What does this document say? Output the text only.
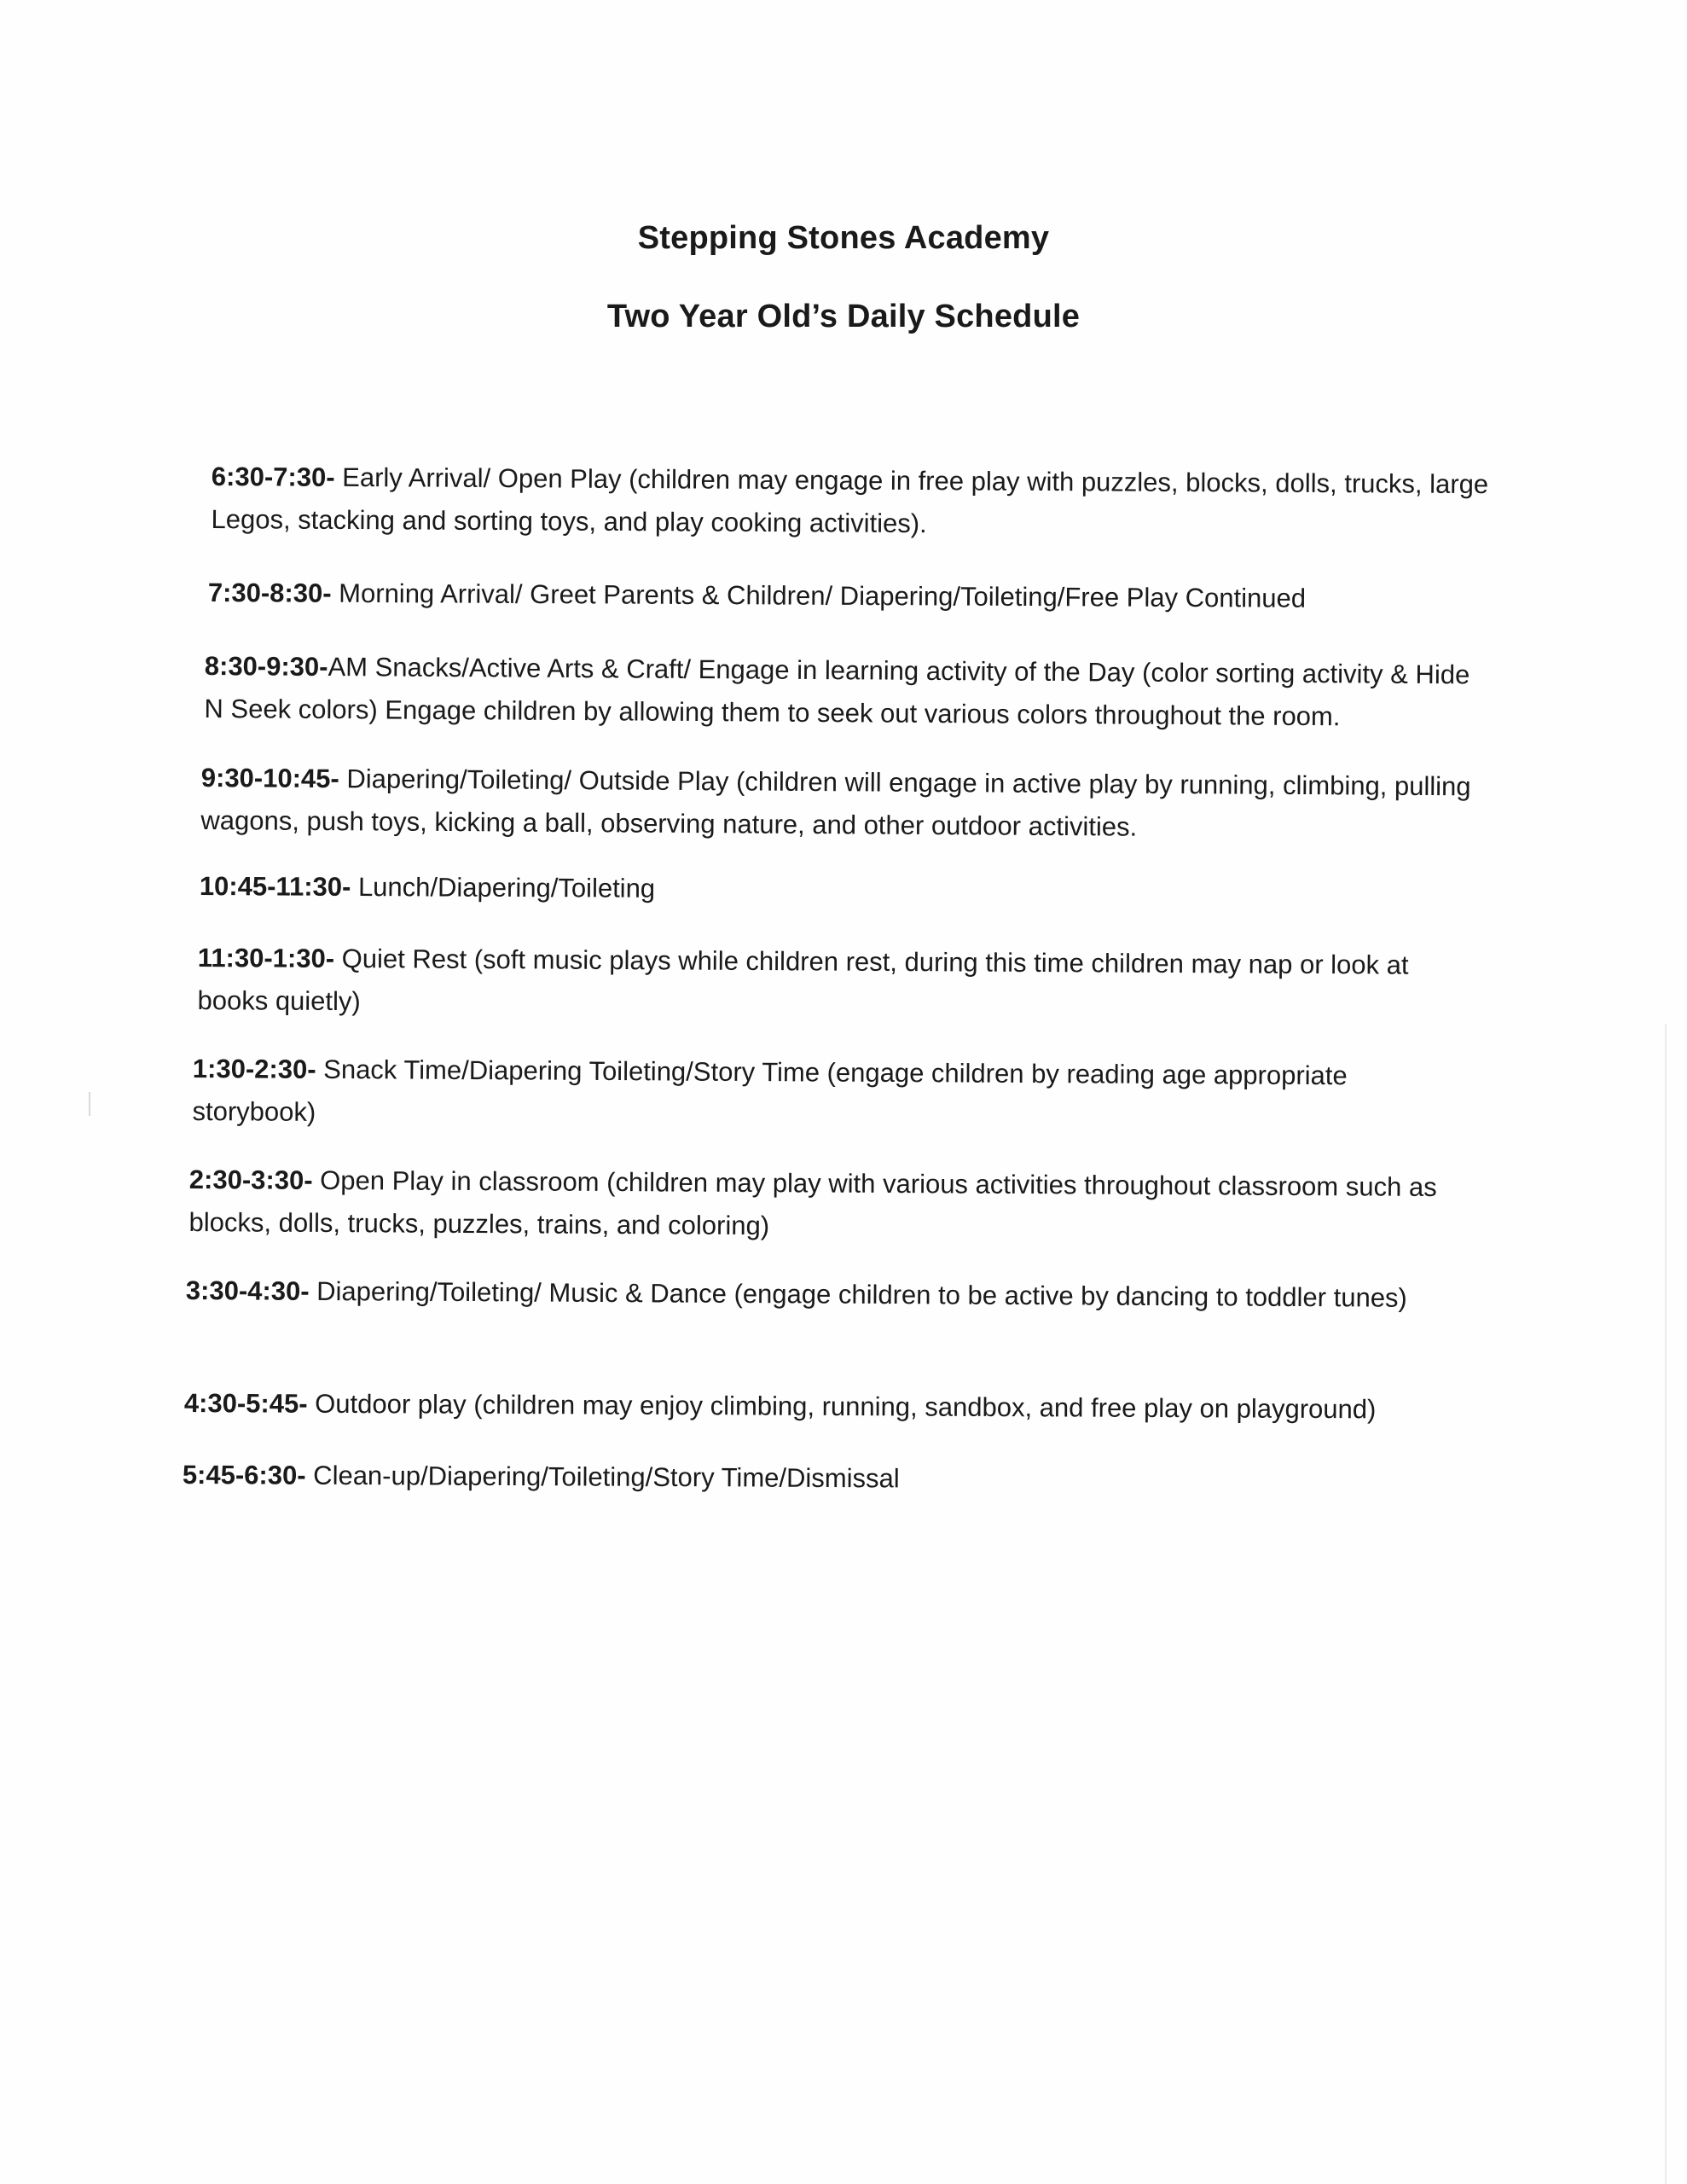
Stepping Stones Academy
Two Year Old’s Daily Schedule

6:30-7:30- Early Arrival/ Open Play (children may engage in free play with puzzles, blocks, dolls, trucks, large Legos, stacking and sorting toys, and play cooking activities).

7:30-8:30- Morning Arrival/ Greet Parents & Children/ Diapering/Toileting/Free Play Continued

8:30-9:30-AM Snacks/Active Arts & Craft/ Engage in learning activity of the Day (color sorting activity & Hide N Seek colors) Engage children by allowing them to seek out various colors throughout the room.

9:30-10:45- Diapering/Toileting/ Outside Play (children will engage in active play by running, climbing, pulling wagons, push toys, kicking a ball, observing nature, and other outdoor activities.

10:45-11:30- Lunch/Diapering/Toileting

11:30-1:30- Quiet Rest (soft music plays while children rest, during this time children may nap or look at books quietly)

1:30-2:30- Snack Time/Diapering Toileting/Story Time (engage children by reading age appropriate storybook)

2:30-3:30- Open Play in classroom (children may play with various activities throughout classroom such as blocks, dolls, trucks, puzzles, trains, and coloring)

3:30-4:30- Diapering/Toileting/ Music & Dance (engage children to be active by dancing to toddler tunes)

4:30-5:45- Outdoor play (children may enjoy climbing, running, sandbox, and free play on playground)

5:45-6:30- Clean-up/Diapering/Toileting/Story Time/Dismissal
